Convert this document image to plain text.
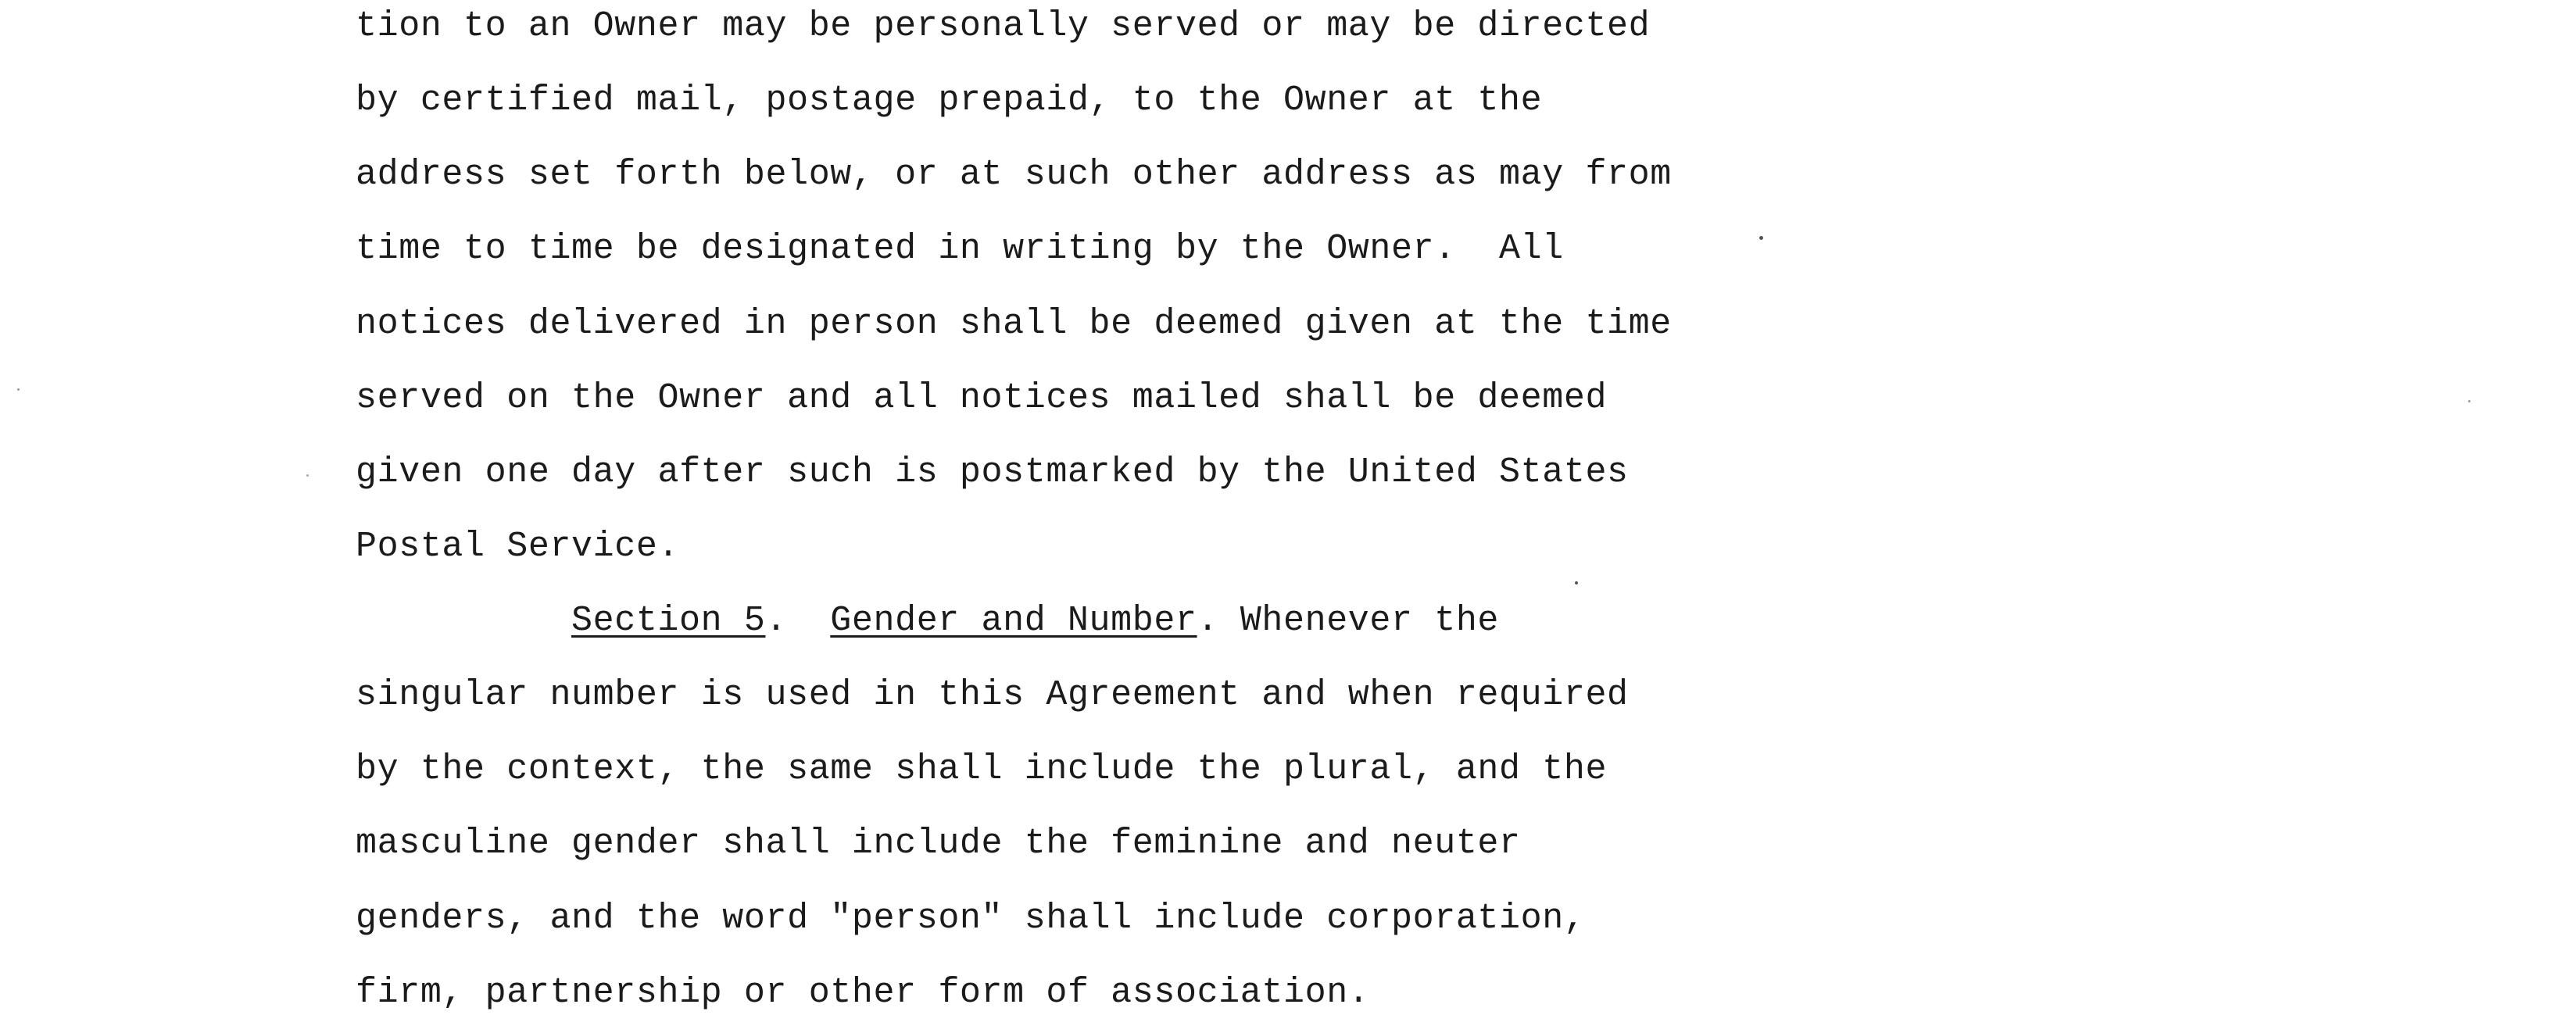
tion to an Owner may be personally served or may be directed

by certified mail, postage prepaid, to the Owner at the

address set forth below, or at such other address as may from

time to time be designated in writing by the Owner.  All

notices delivered in person shall be deemed given at the time

served on the Owner and all notices mailed shall be deemed

given one day after such is postmarked by the United States

Postal Service.

Section 5. Gender and Number. Whenever the

singular number is used in this Agreement and when required

by the context, the same shall include the plural, and the

masculine gender shall include the feminine and neuter

genders, and the word "person" shall include corporation,

firm, partnership or other form of association.
